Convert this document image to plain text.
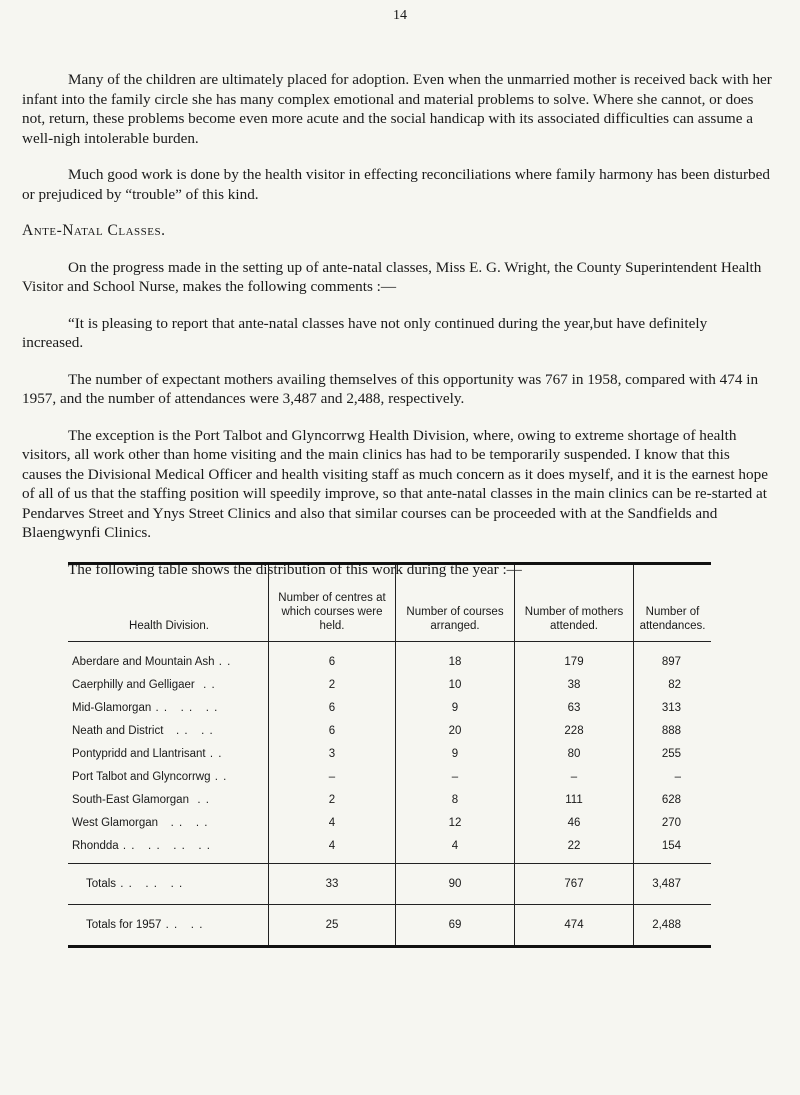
14

Many of the children are ultimately placed for adoption. Even when the unmarried mother is received back with her infant into the family circle she has many complex emotional and material problems to solve. Where she cannot, or does not, return, these problems become even more acute and the social handicap with its associated difficulties can assume a well-nigh intolerable burden.

Much good work is done by the health visitor in effecting reconciliations where family harmony has been disturbed or prejudiced by “trouble” of this kind.

Ante-Natal Classes.

On the progress made in the setting up of ante-natal classes, Miss E. G. Wright, the County Superintendent Health Visitor and School Nurse, makes the following comments :—

“It is pleasing to report that ante-natal classes have not only continued during the year,but have definitely increased.

The number of expectant mothers availing themselves of this opportunity was 767 in 1958, compared with 474 in 1957, and the number of attendances were 3,487 and 2,488, respectively.

The exception is the Port Talbot and Glyncorrwg Health Division, where, owing to extreme shortage of health visitors, all work other than home visiting and the main clinics has had to be temporarily suspended. I know that this causes the Divisional Medical Officer and health visiting staff as much concern as it does myself, and it is the earnest hope of all of us that the staffing position will speedily improve, so that ante-natal classes in the main clinics can be re-started at Pendarves Street and Ynys Street Clinics and also that similar courses can be proceeded with at the Sandfields and Blaengwynfi Clinics.

The following table shows the distribution of this work during the year :—

Health Division.	Number of centres at which courses were held.	Number of courses arranged.	Number of mothers attended.	Number of attendances.
Aberdare and Mountain Ash . .	6	18	179	897
Caerphilly and Gelligaer  . .	2	10	38	82
Mid-Glamorgan . .   . .   . .	6	9	63	313
Neath and District   . .   . .	6	20	228	888
Pontypridd and Llantrisant . .	3	9	80	255
Port Talbot and Glyncorrwg . .	–	–	–	–
South-East Glamorgan  . .	2	8	111	628
West Glamorgan   . .   . .	4	12	46	270
Rhondda . .   . .   . .   . .	4	4	22	154
Totals . .   . .   . .	33	90	767	3,487
Totals for 1957 . .   . .	25	69	474	2,488
